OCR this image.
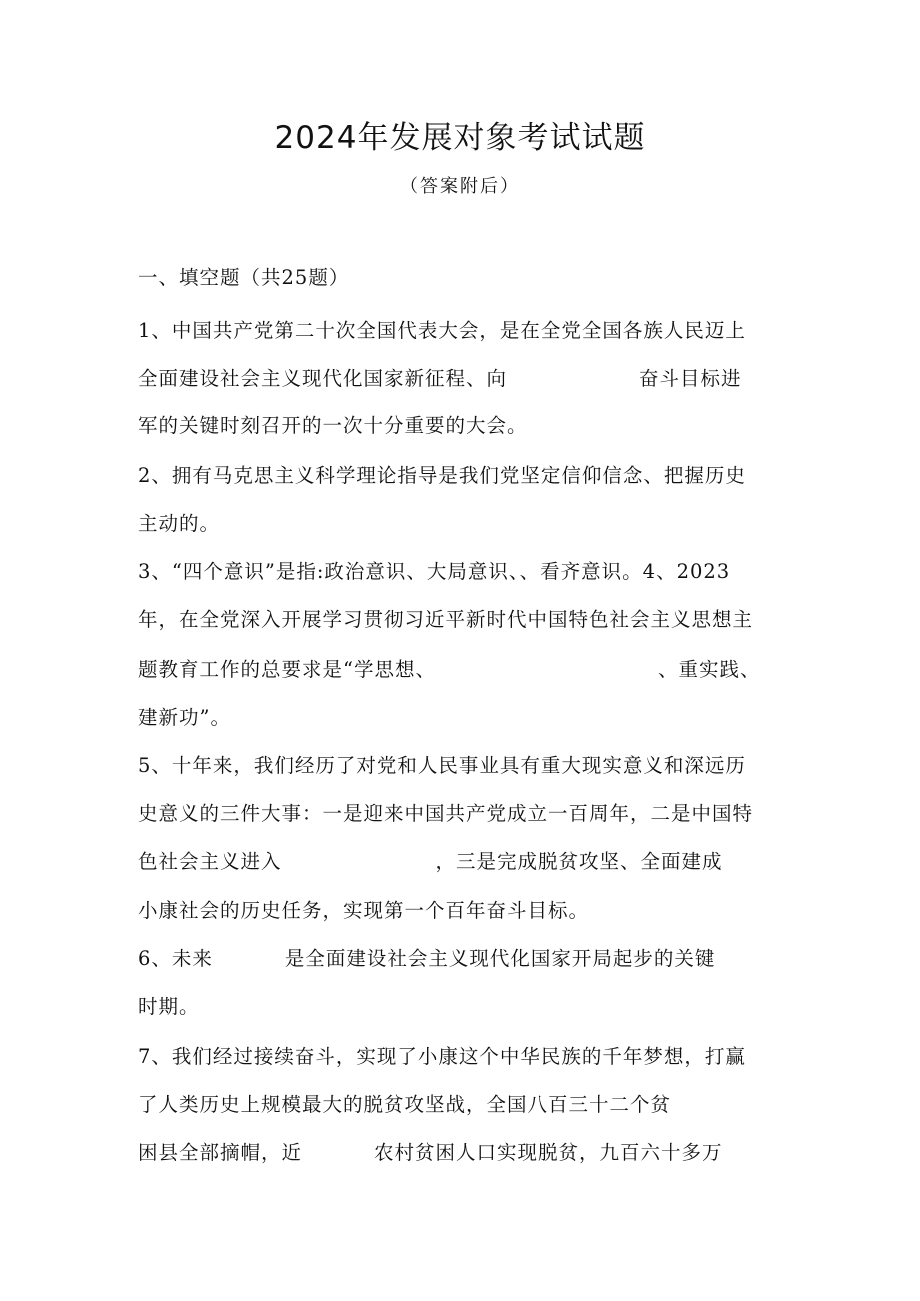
2024年发展对象考试试题
（答案附后）
一、填空题（共25题）
1、中国共产党第二十次全国代表大会，是在全党全国各族人民迈上
全面建设社会主义现代化国家新征程、向	奋斗目标进
军的关键时刻召开的一次十分重要的大会。
2、拥有马克思主义科学理论指导是我们党坚定信仰信念、把握历史
主动的。
3、“四个意识”是指:政治意识、大局意识、、看齐意识。4、2023
年，在全党深入开展学习贯彻习近平新时代中国特色社会主义思想主
题教育工作的总要求是“学思想、	、重实践、
建新功”。
5、十年来，我们经历了对党和人民事业具有重大现实意义和深远历
史意义的三件大事：一是迎来中国共产党成立一百周年，二是中国特
色社会主义进入	，三是完成脱贫攻坚、全面建成
小康社会的历史任务，实现第一个百年奋斗目标。
6、未来	是全面建设社会主义现代化国家开局起步的关键
时期。
7、我们经过接续奋斗，实现了小康这个中华民族的千年梦想，打赢
了人类历史上规模最大的脱贫攻坚战，全国八百三十二个贫
困县全部摘帽，近	农村贫困人口实现脱贫，九百六十多万
